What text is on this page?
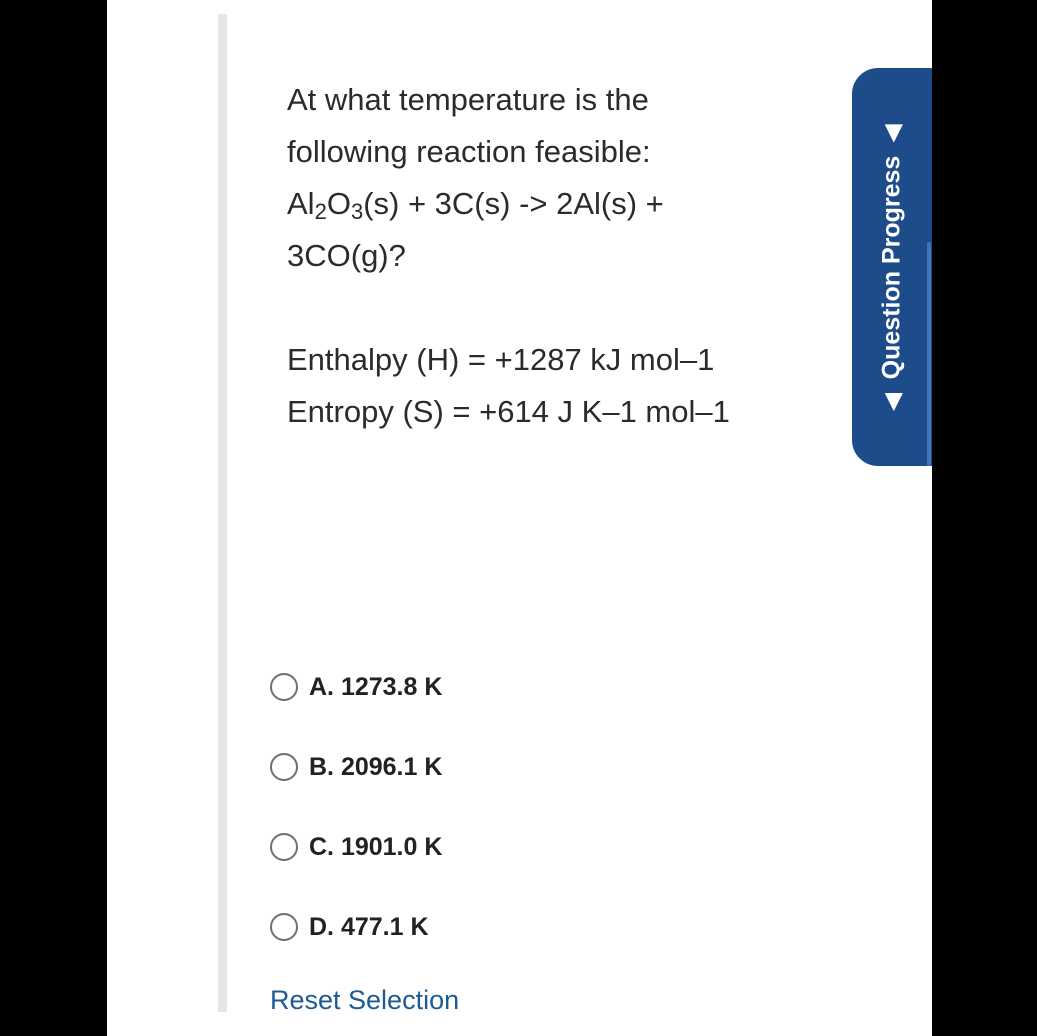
At what temperature is the following reaction feasible:

$Al_2O_3(s) + 3C(s) -> 2Al(s) + 3CO(g)$?

Enthalpy (H) = +1287 kJ mol–1

Entropy (S) = +614 J K–1 mol–1

A. 1273.8 K
B. 2096.1 K
C. 1901.0 K
D. 477.1 K
Reset Selection
◀
Question Progress
◀
